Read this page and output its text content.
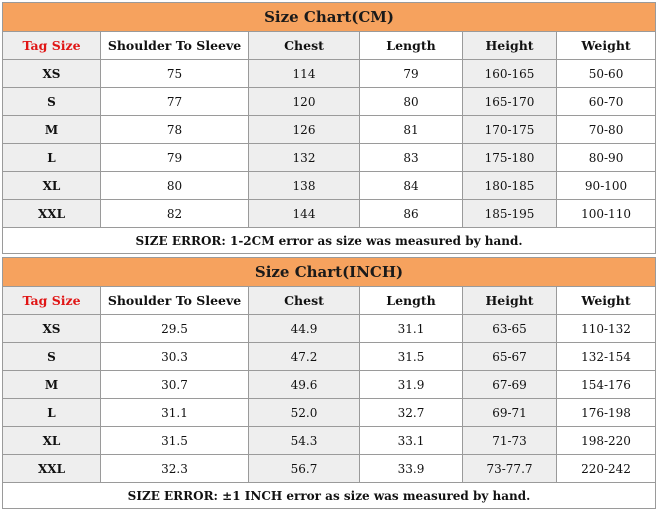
Size Chart(CM)					
Tag Size	Shoulder To Sleeve	Chest	Length	Height	Weight
XS	75	114	79	160-165	50-60
S	77	120	80	165-170	60-70
M	78	126	81	170-175	70-80
L	79	132	83	175-180	80-90
XL	80	138	84	180-185	90-100
XXL	82	144	86	185-195	100-110
SIZE ERROR: 1-2CM error as size was measured by hand.					
Size Chart(INCH)					
Tag Size	Shoulder To Sleeve	Chest	Length	Height	Weight
XS	29.5	44.9	31.1	63-65	110-132
S	30.3	47.2	31.5	65-67	132-154
M	30.7	49.6	31.9	67-69	154-176
L	31.1	52.0	32.7	69-71	176-198
XL	31.5	54.3	33.1	71-73	198-220
XXL	32.3	56.7	33.9	73-77.7	220-242
SIZE ERROR: ±1 INCH error as size was measured by hand.					
